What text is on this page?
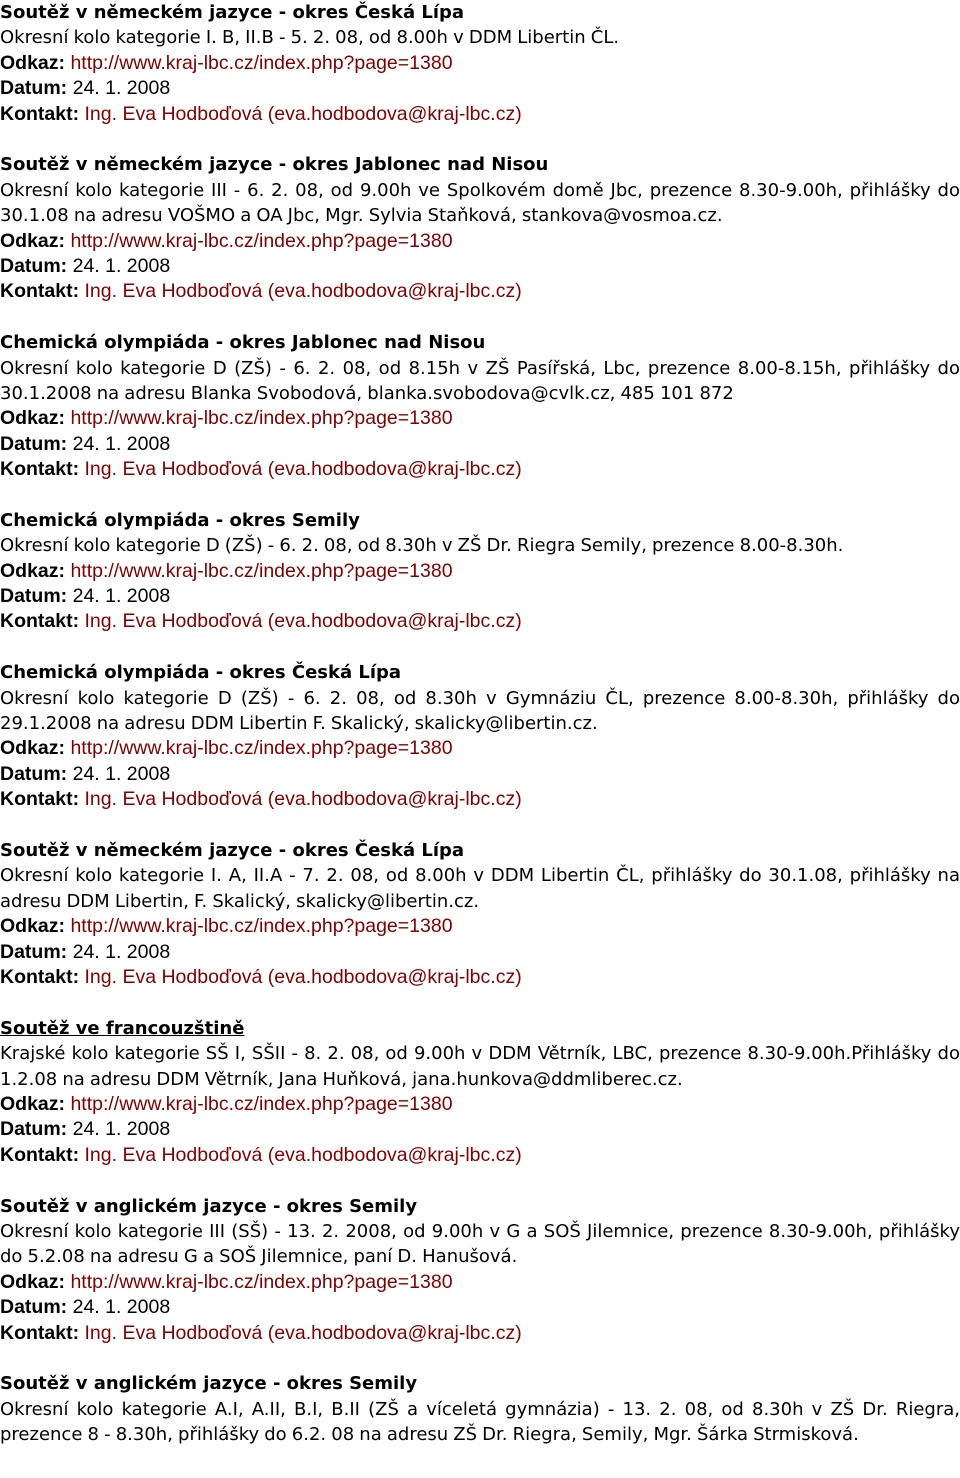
Soutěž v německém jazyce - okres Česká Lípa
Okresní kolo kategorie I. B, II.B - 5. 2. 08, od 8.00h v DDM Libertin ČL.
Odkaz: http://www.kraj-lbc.cz/index.php?page=1380
Datum: 24. 1. 2008
Kontakt: Ing. Eva Hodboďová (eva.hodbodova@kraj-lbc.cz)
Soutěž v německém jazyce - okres Jablonec nad Nisou
Okresní kolo kategorie III - 6. 2. 08, od 9.00h ve Spolkovém domě Jbc, prezence 8.30-9.00h, přihlášky do 30.1.08 na adresu VOŠMO a OA Jbc, Mgr. Sylvia Staňková, stankova@vosmoa.cz.
Odkaz: http://www.kraj-lbc.cz/index.php?page=1380
Datum: 24. 1. 2008
Kontakt: Ing. Eva Hodboďová (eva.hodbodova@kraj-lbc.cz)
Chemická olympiáda - okres Jablonec nad Nisou
Okresní kolo kategorie D (ZŠ) - 6. 2. 08, od 8.15h v ZŠ Pasířská, Lbc, prezence 8.00-8.15h, přihlášky do 30.1.2008 na adresu Blanka Svobodová, blanka.svobodova@cvlk.cz, 485 101 872
Odkaz: http://www.kraj-lbc.cz/index.php?page=1380
Datum: 24. 1. 2008
Kontakt: Ing. Eva Hodboďová (eva.hodbodova@kraj-lbc.cz)
Chemická olympiáda - okres Semily
Okresní kolo kategorie D (ZŠ) - 6. 2. 08, od 8.30h v ZŠ Dr. Riegra Semily, prezence 8.00-8.30h.
Odkaz: http://www.kraj-lbc.cz/index.php?page=1380
Datum: 24. 1. 2008
Kontakt: Ing. Eva Hodboďová (eva.hodbodova@kraj-lbc.cz)
Chemická olympiáda - okres Česká Lípa
Okresní kolo kategorie D (ZŠ) - 6. 2. 08, od 8.30h v Gymnáziu ČL, prezence 8.00-8.30h, přihlášky do 29.1.2008 na adresu DDM Libertin F. Skalický, skalicky@libertin.cz.
Odkaz: http://www.kraj-lbc.cz/index.php?page=1380
Datum: 24. 1. 2008
Kontakt: Ing. Eva Hodboďová (eva.hodbodova@kraj-lbc.cz)
Soutěž v německém jazyce - okres Česká Lípa
Okresní kolo kategorie I. A, II.A - 7. 2. 08, od 8.00h v DDM Libertin ČL, přihlášky do 30.1.08, přihlášky na adresu DDM Libertin, F. Skalický, skalicky@libertin.cz.
Odkaz: http://www.kraj-lbc.cz/index.php?page=1380
Datum: 24. 1. 2008
Kontakt: Ing. Eva Hodboďová (eva.hodbodova@kraj-lbc.cz)
Soutěž ve francouzštině
Krajské kolo kategorie SŠ I, SŠII - 8. 2. 08, od 9.00h v DDM Větrník, LBC, prezence 8.30-9.00h.Přihlášky do 1.2.08 na adresu DDM Větrník, Jana Huňková, jana.hunkova@ddmliberec.cz.
Odkaz: http://www.kraj-lbc.cz/index.php?page=1380
Datum: 24. 1. 2008
Kontakt: Ing. Eva Hodboďová (eva.hodbodova@kraj-lbc.cz)
Soutěž v anglickém jazyce - okres Semily
Okresní kolo kategorie III (SŠ) - 13. 2. 2008, od 9.00h v G a SOŠ Jilemnice, prezence 8.30-9.00h, přihlášky do 5.2.08 na adresu G a SOŠ Jilemnice, paní D. Hanušová.
Odkaz: http://www.kraj-lbc.cz/index.php?page=1380
Datum: 24. 1. 2008
Kontakt: Ing. Eva Hodboďová (eva.hodbodova@kraj-lbc.cz)
Soutěž v anglickém jazyce - okres Semily
Okresní kolo kategorie A.I, A.II, B.I, B.II (ZŠ a víceletá gymnázia) - 13. 2. 08, od 8.30h v ZŠ Dr. Riegra, prezence 8 - 8.30h, přihlášky do 6.2. 08 na adresu ZŠ Dr. Riegra, Semily, Mgr. Šárka Strmisková.
